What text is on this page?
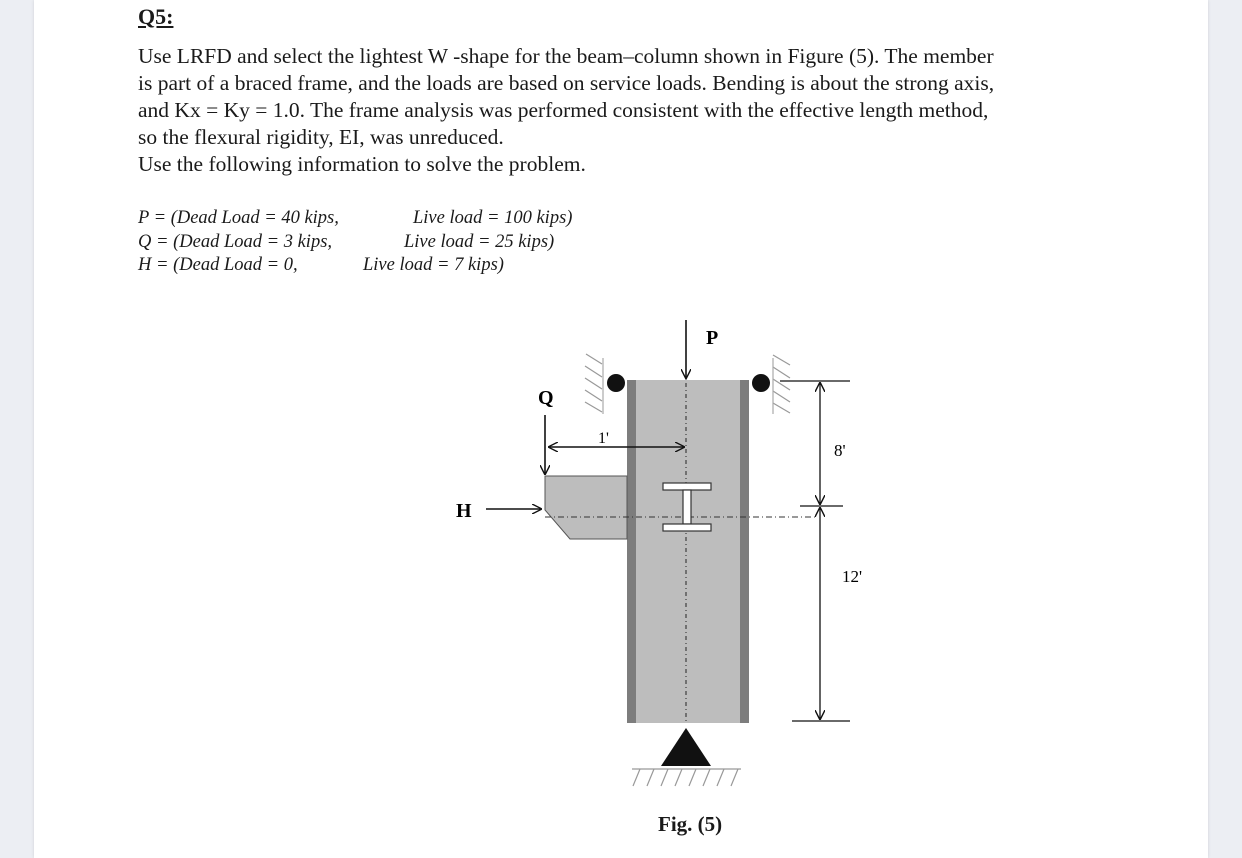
Q5:
Use LRFD and select the lightest W -shape for the beam–column shown in Figure (5). The member
is part of a braced frame, and the loads are based on service loads. Bending is about the strong axis,
and Kx = Ky = 1.0. The frame analysis was performed consistent with the effective length method,
so the flexural rigidity, EI, was unreduced.
Use the following information to solve the problem.
P = (Dead Load = 40 kips,	Live load = 100 kips)
Q = (Dead Load = 3 kips,	Live load = 25 kips)
H = (Dead Load = 0,	Live load = 7 kips)
P
Q
1'
H
8'
12'
Fig. (5)
